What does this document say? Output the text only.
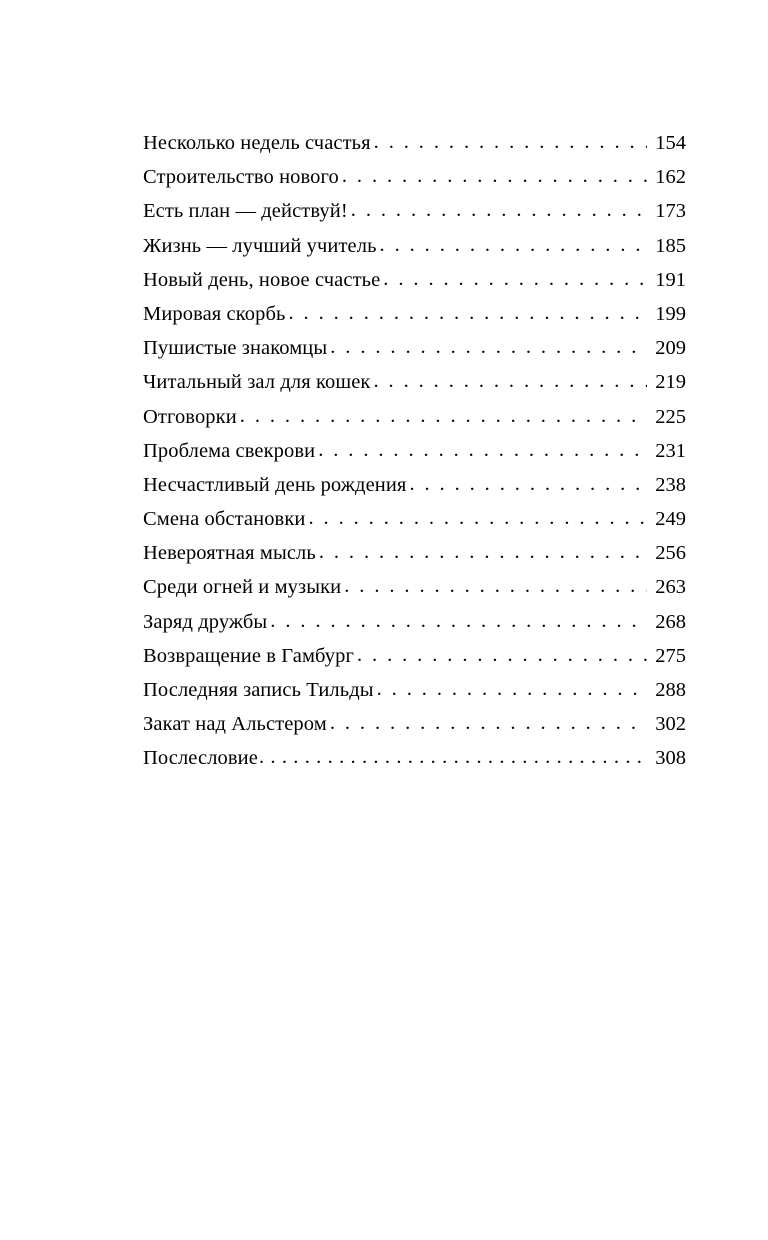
Несколько недель счастья . . .	154
Строительство нового . . .	162
Есть план — действуй! . . .	173
Жизнь — лучший учитель . . .	185
Новый день, новое счастье . . .	191
Мировая скорбь . . .	199
Пушистые знакомцы . . .	209
Читальный зал для кошек . . .	219
Отговорки . . .	225
Проблема свекрови . . .	231
Несчастливый день рождения . . .	238
Смена обстановки . . .	249
Невероятная мысль . . .	256
Среди огней и музыки . . .	263
Заряд дружбы . . .	268
Возвращение в Гамбург . . .	275
Последняя запись Тильды . . .	288
Закат над Альстером . . .	302
Послесловие . . .	308
